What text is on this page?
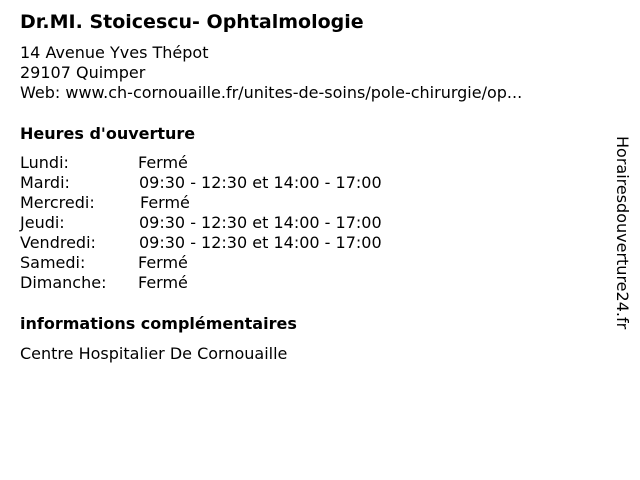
Dr.MI. Stoicescu- Ophtalmologie
14 Avenue Yves Thépot
29107 Quimper
Web: www.ch-cornouaille.fr/unites-de-soins/pole-chirurgie/op...
Heures d'ouverture
Lundi:	Fermé
Mardi:	09:30 - 12:30 et 14:00 - 17:00
Mercredi:	Fermé
Jeudi:	09:30 - 12:30 et 14:00 - 17:00
Vendredi:	09:30 - 12:30 et 14:00 - 17:00
Samedi:	Fermé
Dimanche: Fermé
informations complémentaires
Centre Hospitalier De Cornouaille
Horairesdouverture24.fr
